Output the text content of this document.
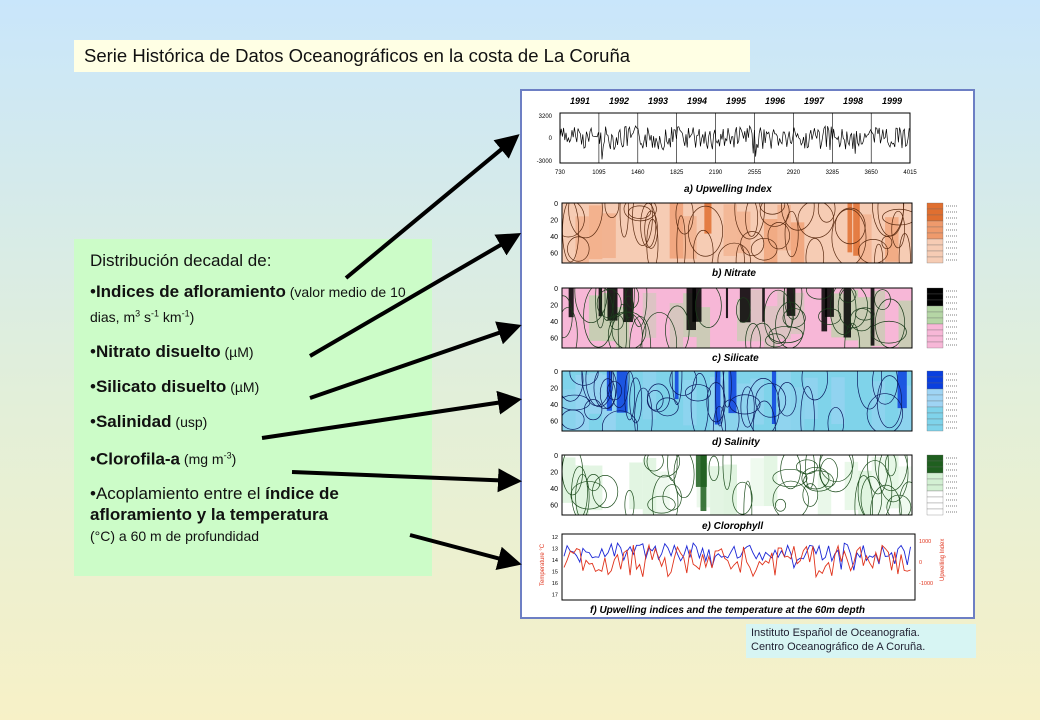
Serie Histórica de Datos Oceanográficos en la costa de La Coruña
Distribución decadal de:
•Indices de afloramiento (valor medio de 10 dias, $m^3$ $s^{-1}$ $km^{-1}$)
•Nitrato disuelto (µM)
•Silicato disuelto (µM)
•Salinidad (usp)
•Clorofila-a (mg $m^{-3}$)
•Acoplamiento entre el índice de afloramiento y la temperatura
(°C) a 60 m de profundidad
1991 1992 1993 1994 1995 1996 1997 1998 1999
3200
0
-3000
730	1095	1460	1825	2190	2555	2920	3285	3650	4015
a) Upwelling Index
0
20
40
60
b) Nitrate
0
20
40
60
c) Silicate
0
20
40
60
d) Salinity
0
20
40
60
e) Clorophyll
12
13
14
15
16
17
1000
0
-1000
Temperature °C	Upwelling Index
f) Upwelling indices and the temperature at the 60m depth
Instituto Español de Oceanografia.
Centro Oceanográfico de A Coruña.
